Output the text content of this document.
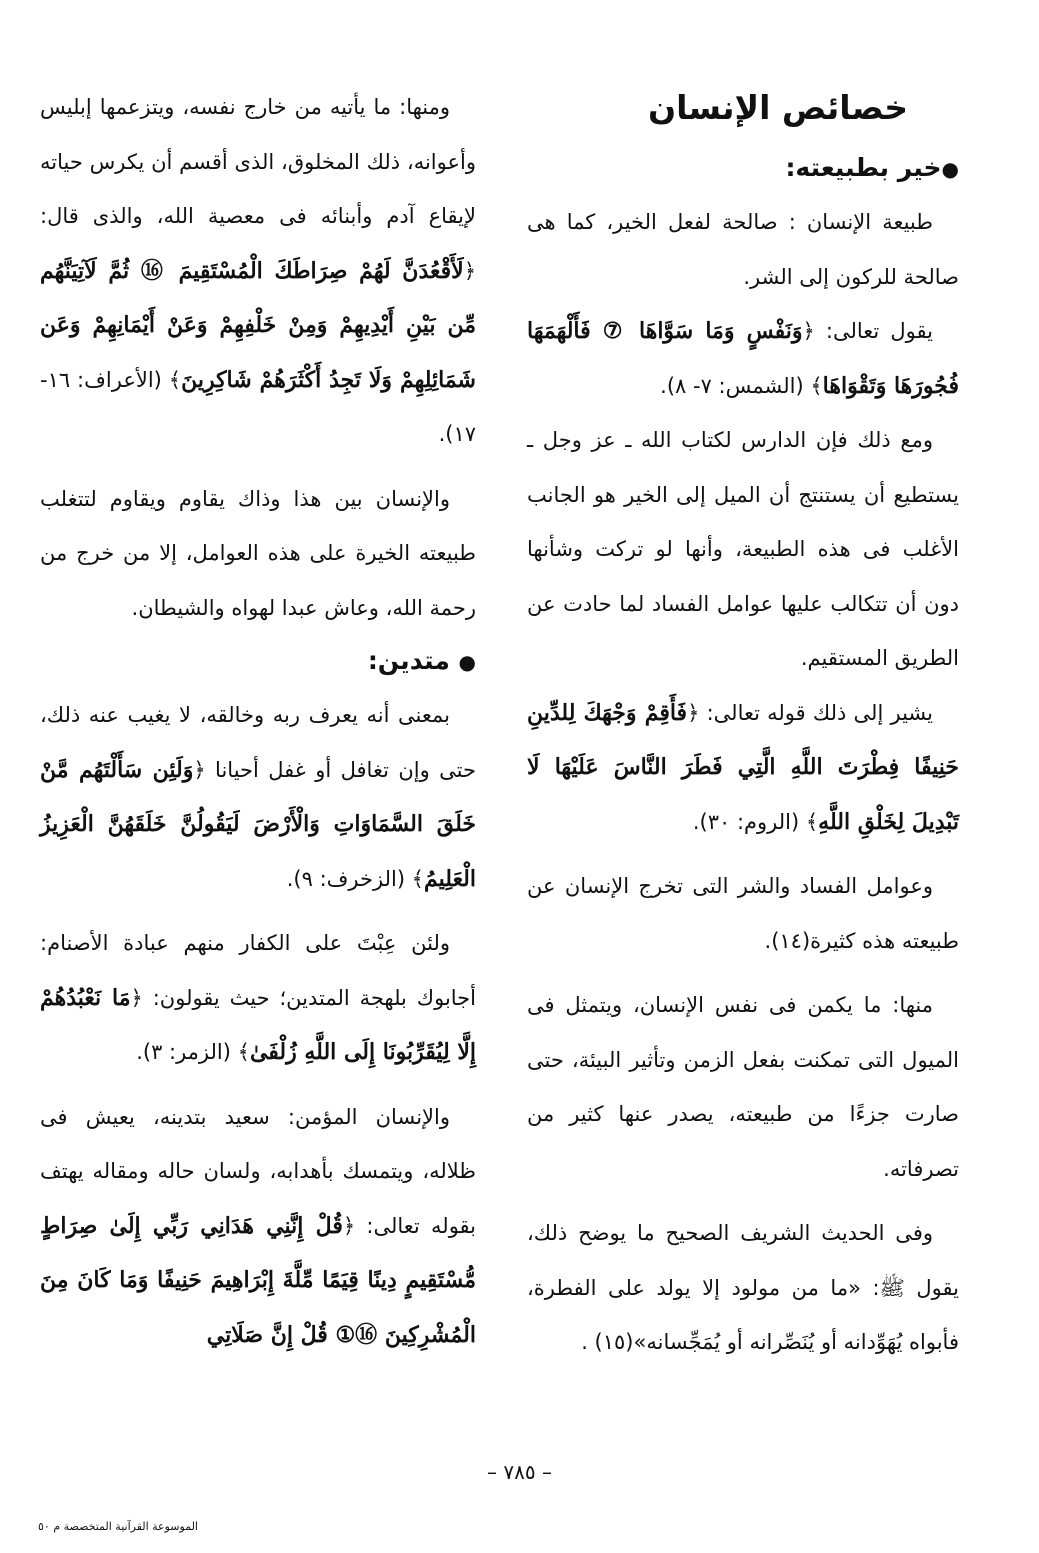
خصائص الإنسان
●خير بطبيعته:

طبيعة الإنسان : صالحة لفعل الخير، كما هى صالحة للركون إلى الشر.

يقول تعالى: ﴿وَنَفْسٍ وَمَا سَوَّاهَا ⑦ فَأَلْهَمَهَا فُجُورَهَا وَتَقْوَاهَا﴾ (الشمس: ٧- ٨).

ومع ذلك فإن الدارس لكتاب الله ـ عز وجل ـ يستطيع أن يستنتج أن الميل إلى الخير هو الجانب الأغلب فى هذه الطبيعة، وأنها لو تركت وشأنها دون أن تتكالب عليها عوامل الفساد لما حادت عن الطريق المستقيم.

يشير إلى ذلك قوله تعالى: ﴿فَأَقِمْ وَجْهَكَ لِلدِّينِ حَنِيفًا فِطْرَتَ اللَّهِ الَّتِي فَطَرَ النَّاسَ عَلَيْهَا لَا تَبْدِيلَ لِخَلْقِ اللَّهِ﴾ (الروم: ٣٠).

وعوامل الفساد والشر التى تخرج الإنسان عن طبيعته هذه كثيرة(١٤).

منها: ما يكمن فى نفس الإنسان، ويتمثل فى الميول التى تمكنت بفعل الزمن وتأثير البيئة، حتى صارت جزءًا من طبيعته، يصدر عنها كثير من تصرفاته.

وفى الحديث الشريف الصحيح ما يوضح ذلك، يقول ﷺ: «ما من مولود إلا يولد على الفطرة، فأبواه يُهَوِّدانه أو يُنَصِّرانه أو يُمَجِّسانه»(١٥) .

ومنها: ما يأتيه من خارج نفسه، ويتزعمها إبليس وأعوانه، ذلك المخلوق، الذى أقسم أن يكرس حياته لإيقاع آدم وأبنائه فى معصية الله، والذى قال: ﴿لَأَقْعُدَنَّ لَهُمْ صِرَاطَكَ الْمُسْتَقِيمَ ⑯ ثُمَّ لَآتِيَنَّهُم مِّن بَيْنِ أَيْدِيهِمْ وَمِنْ خَلْفِهِمْ وَعَنْ أَيْمَانِهِمْ وَعَن شَمَائِلِهِمْ وَلَا تَجِدُ أَكْثَرَهُمْ شَاكِرِينَ﴾ (الأعراف: ١٦- ١٧).

والإنسان بين هذا وذاك يقاوم ويقاوم لتتغلب طبيعته الخيرة على هذه العوامل، إلا من خرج من رحمة الله، وعاش عبدا لهواه والشيطان.

● متدين:

بمعنى أنه يعرف ربه وخالقه، لا يغيب عنه ذلك، حتى وإن تغافل أو غفل أحيانا ﴿وَلَئِن سَأَلْتَهُم مَّنْ خَلَقَ السَّمَاوَاتِ وَالْأَرْضَ لَيَقُولُنَّ خَلَقَهُنَّ الْعَزِيزُ الْعَلِيمُ﴾ (الزخرف: ٩).

ولئن عِبْتَ على الكفار منهم عبادة الأصنام: أجابوك بلهجة المتدين؛ حيث يقولون: ﴿مَا نَعْبُدُهُمْ إِلَّا لِيُقَرِّبُونَا إِلَى اللَّهِ زُلْفَىٰ﴾ (الزمر: ٣).

والإنسان المؤمن: سعيد بتدينه، يعيش فى ظلاله، ويتمسك بأهدابه، ولسان حاله ومقاله يهتف بقوله تعالى: ﴿قُلْ إِنَّنِي هَدَانِي رَبِّي إِلَىٰ صِرَاطٍ مُّسْتَقِيمٍ دِينًا قِيَمًا مِّلَّةَ إِبْرَاهِيمَ حَنِيفًا وَمَا كَانَ مِنَ الْمُشْرِكِينَ ⑯① قُلْ إِنَّ صَلَاتِي

– ٧٨٥ –
الموسوعة القرآنية المتخصصة م ٥٠
